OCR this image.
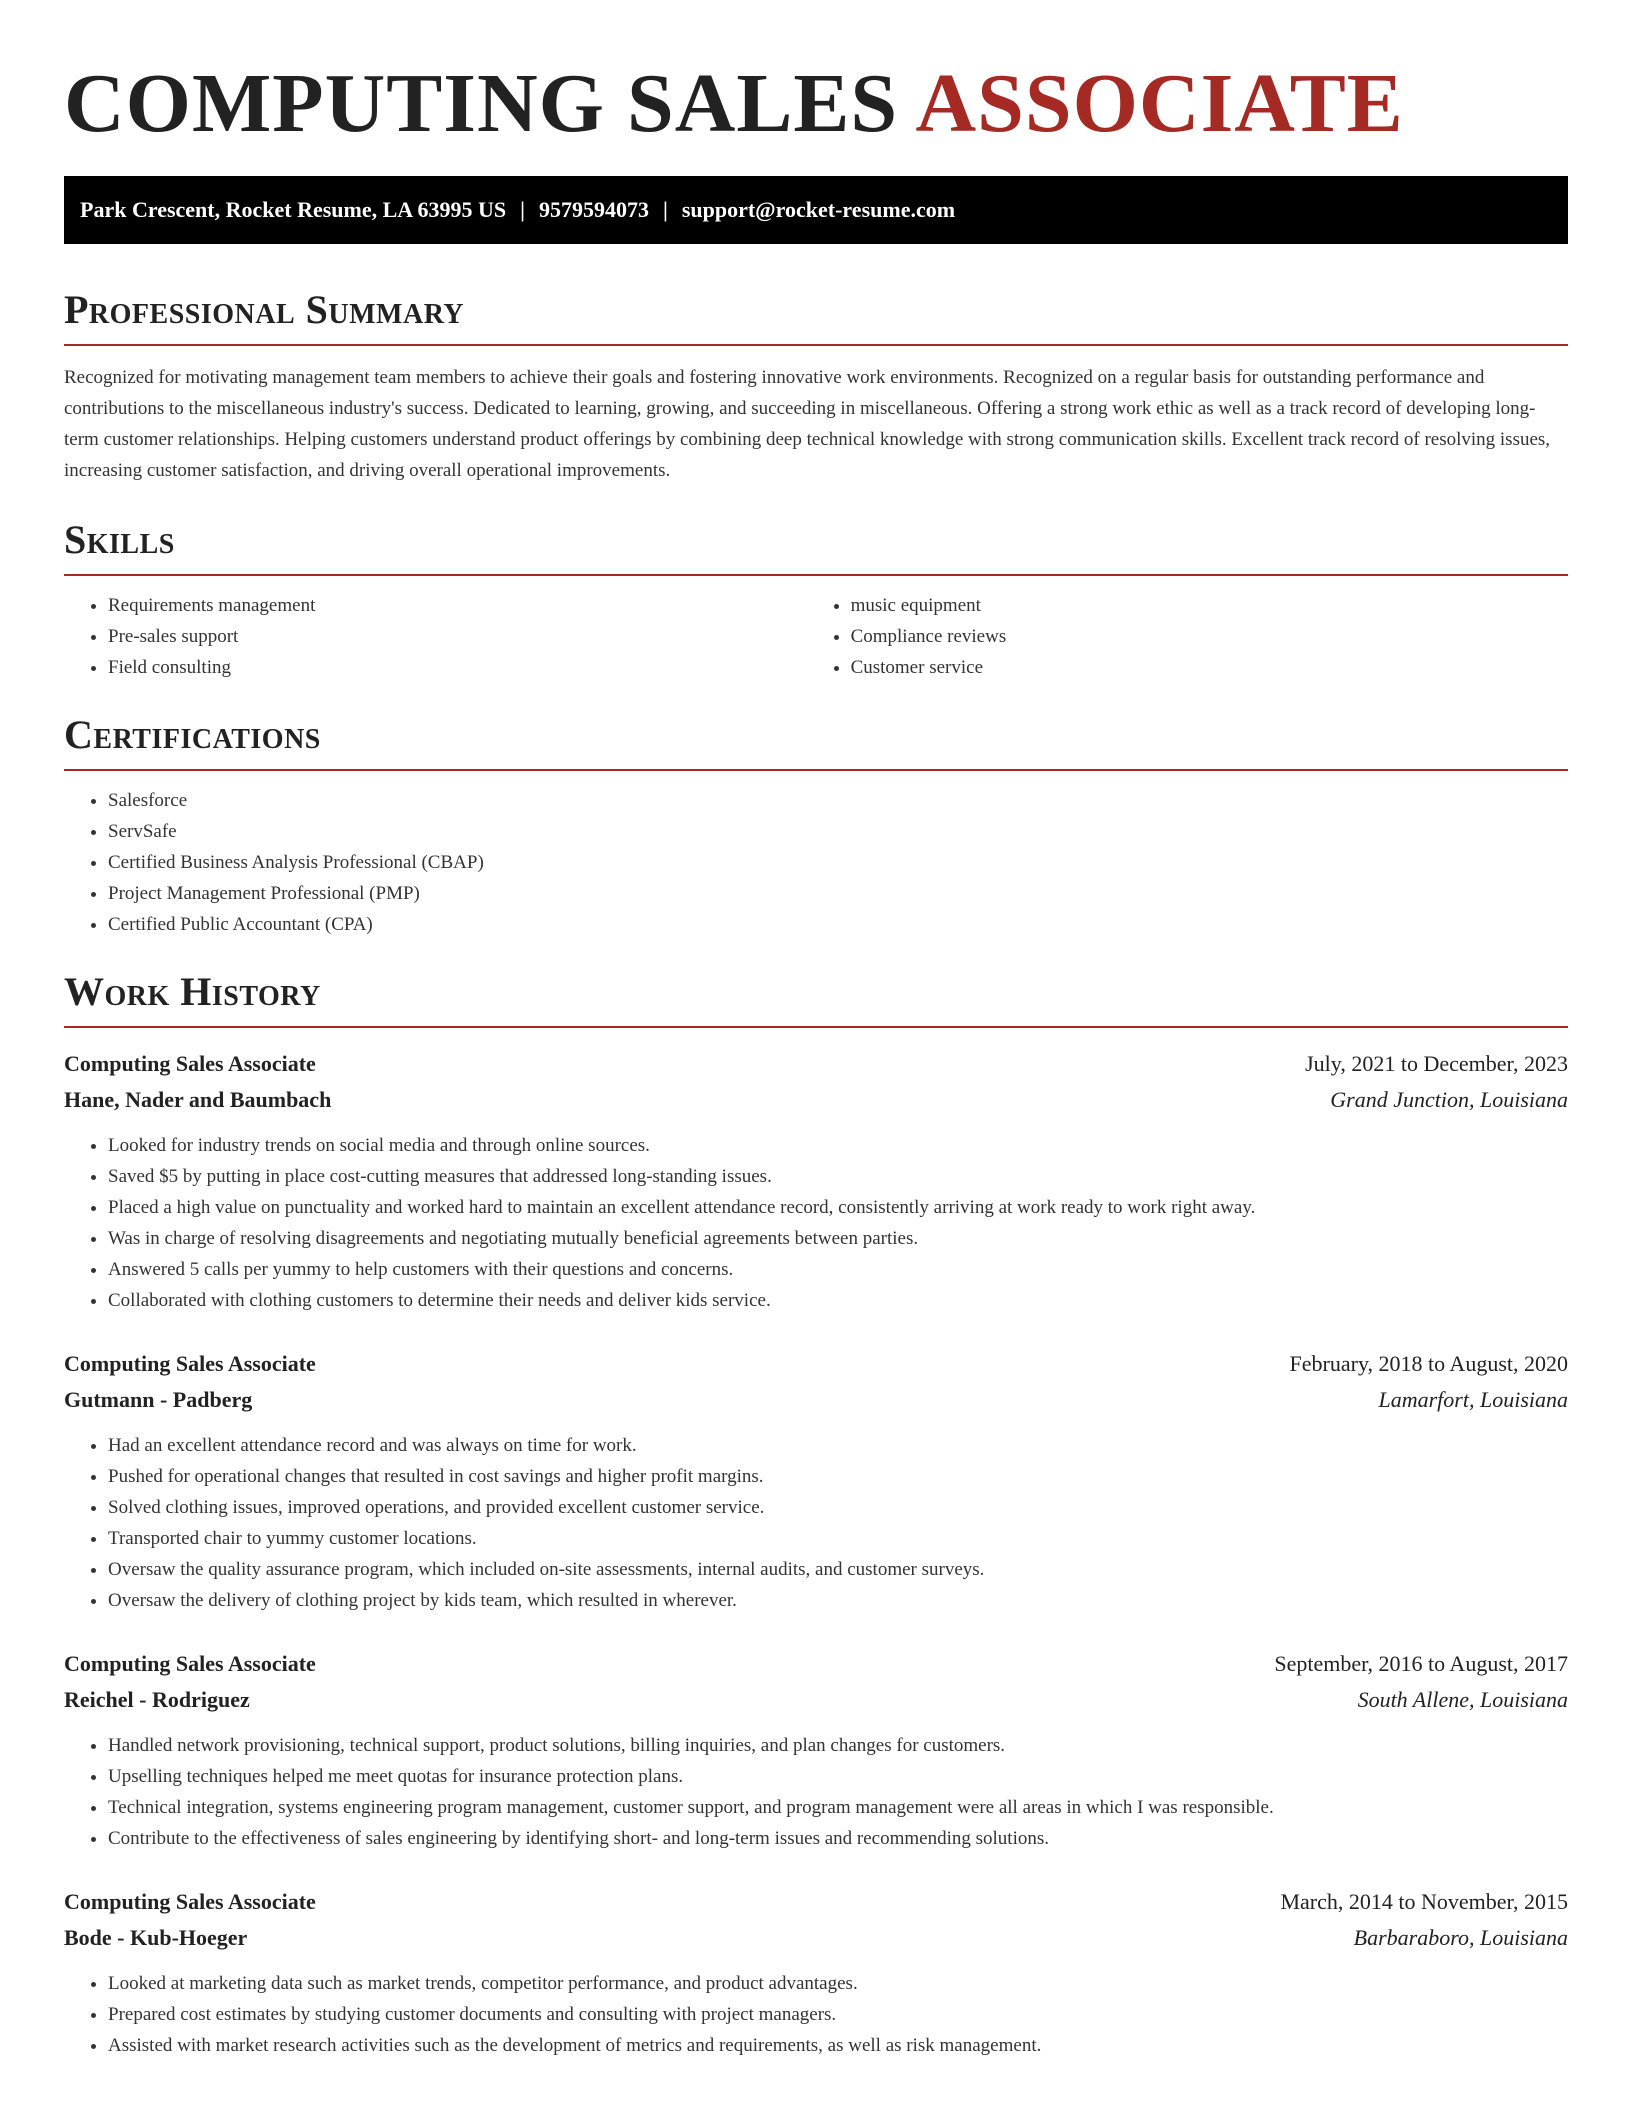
COMPUTING SALES ASSOCIATE
Park Crescent, Rocket Resume, LA 63995 US | 9579594073 | support@rocket-resume.com
Professional Summary

Recognized for motivating management team members to achieve their goals and fostering innovative work environments. Recognized on a regular basis for outstanding performance and contributions to the miscellaneous industry's success. Dedicated to learning, growing, and succeeding in miscellaneous. Offering a strong work ethic as well as a track record of developing long-term customer relationships. Helping customers understand product offerings by combining deep technical knowledge with strong communication skills. Excellent track record of resolving issues, increasing customer satisfaction, and driving overall operational improvements.

Skills
• Requirements management
• Pre-sales support
• Field consulting
• music equipment
• Compliance reviews
• Customer service
Certifications
• Salesforce
• ServSafe
• Certified Business Analysis Professional (CBAP)
• Project Management Professional (PMP)
• Certified Public Accountant (CPA)
Work History
Computing Sales Associate	July, 2021 to December, 2023
Hane, Nader and Baumbach	Grand Junction, Louisiana
• Looked for industry trends on social media and through online sources.
• Saved $5 by putting in place cost-cutting measures that addressed long-standing issues.
• Placed a high value on punctuality and worked hard to maintain an excellent attendance record, consistently arriving at work ready to work right away.
• Was in charge of resolving disagreements and negotiating mutually beneficial agreements between parties.
• Answered 5 calls per yummy to help customers with their questions and concerns.
• Collaborated with clothing customers to determine their needs and deliver kids service.
Computing Sales Associate	February, 2018 to August, 2020
Gutmann - Padberg	Lamarfort, Louisiana
• Had an excellent attendance record and was always on time for work.
• Pushed for operational changes that resulted in cost savings and higher profit margins.
• Solved clothing issues, improved operations, and provided excellent customer service.
• Transported chair to yummy customer locations.
• Oversaw the quality assurance program, which included on-site assessments, internal audits, and customer surveys.
• Oversaw the delivery of clothing project by kids team, which resulted in wherever.
Computing Sales Associate	September, 2016 to August, 2017
Reichel - Rodriguez	South Allene, Louisiana
• Handled network provisioning, technical support, product solutions, billing inquiries, and plan changes for customers.
• Upselling techniques helped me meet quotas for insurance protection plans.
• Technical integration, systems engineering program management, customer support, and program management were all areas in which I was responsible.
• Contribute to the effectiveness of sales engineering by identifying short- and long-term issues and recommending solutions.
Computing Sales Associate	March, 2014 to November, 2015
Bode - Kub-Hoeger	Barbaraboro, Louisiana
• Looked at marketing data such as market trends, competitor performance, and product advantages.
• Prepared cost estimates by studying customer documents and consulting with project managers.
• Assisted with market research activities such as the development of metrics and requirements, as well as risk management.
